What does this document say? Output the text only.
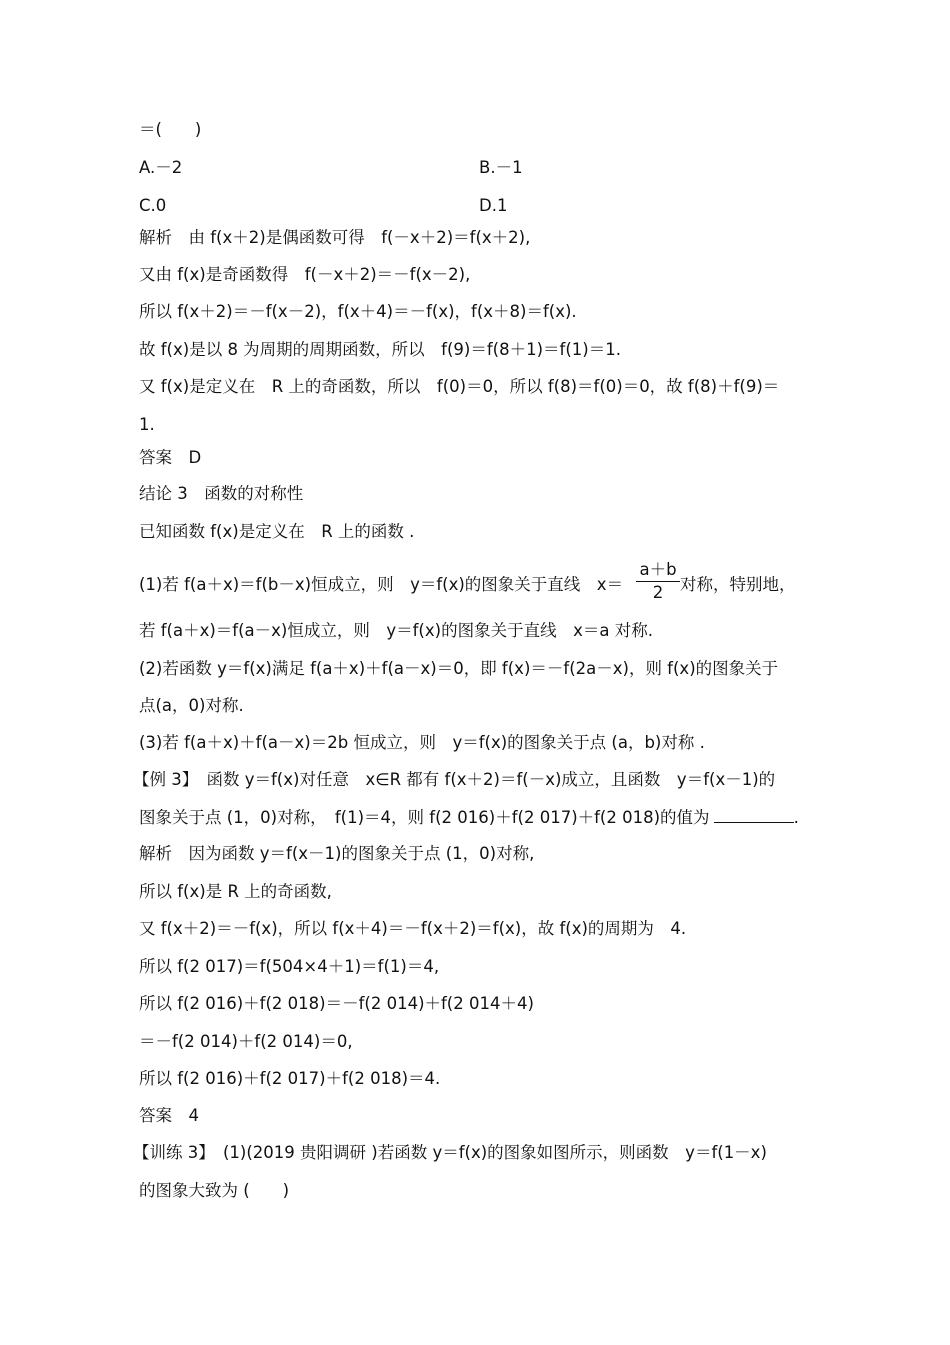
＝(　　)
A.－2	B.－1
C.0	D.1
解析　由 f(x＋2)是偶函数可得　f(－x＋2)＝f(x＋2),
又由 f(x)是奇函数得　f(－x＋2)＝－f(x－2),
所以 f(x＋2)＝－f(x－2)，f(x＋4)＝－f(x)，f(x＋8)＝f(x).
故 f(x)是以 8 为周期的周期函数，所以　f(9)＝f(8＋1)＝f(1)＝1.
又 f(x)是定义在　R 上的奇函数，所以　f(0)＝0，所以 f(8)＝f(0)＝0，故 f(8)＋f(9)＝
1.
答案　D
结论 3　函数的对称性
已知函数 f(x)是定义在　R 上的函数 .
(1)若 f(a＋x)＝f(b－x)恒成立，则　y＝f(x)的图象关于直线　$x= \frac{a+b}{2}$ 对称，特别地，
若 f(a＋x)＝f(a－x)恒成立，则　y＝f(x)的图象关于直线　x＝a 对称.
(2)若函数 y＝f(x)满足 f(a＋x)＋f(a－x)＝0，即 f(x)＝－f(2a－x)，则 f(x)的图象关于
点(a，0)对称.
(3)若 f(a＋x)＋f(a－x)＝2b 恒成立，则　y＝f(x)的图象关于点 (a，b)对称 .
【例 3】　函数 y＝f(x)对任意　x∈R 都有 f(x＋2)＝f(－x)成立，且函数　y＝f(x－1)的
图象关于点 (1，0)对称，　f(1)＝4，则 f(2 016)＋f(2 017)＋f(2 018)的值为	.
解析　因为函数 y＝f(x－1)的图象关于点 (1，0)对称,
所以 f(x)是 R 上的奇函数,
又 f(x＋2)＝－f(x)，所以 f(x＋4)＝－f(x＋2)＝f(x)，故 f(x)的周期为　4.
所以 f(2 017)＝f(504×4＋1)＝f(1)＝4,
所以 f(2 016)＋f(2 018)＝－f(2 014)＋f(2 014＋4)
＝－f(2 014)＋f(2 014)＝0,
所以 f(2 016)＋f(2 017)＋f(2 018)＝4.
答案　4
【训练 3】　(1)(2019 贵阳调研 )若函数 y＝f(x)的图象如图所示，则函数　y＝f(1－x)
的图象大致为 (　　)
